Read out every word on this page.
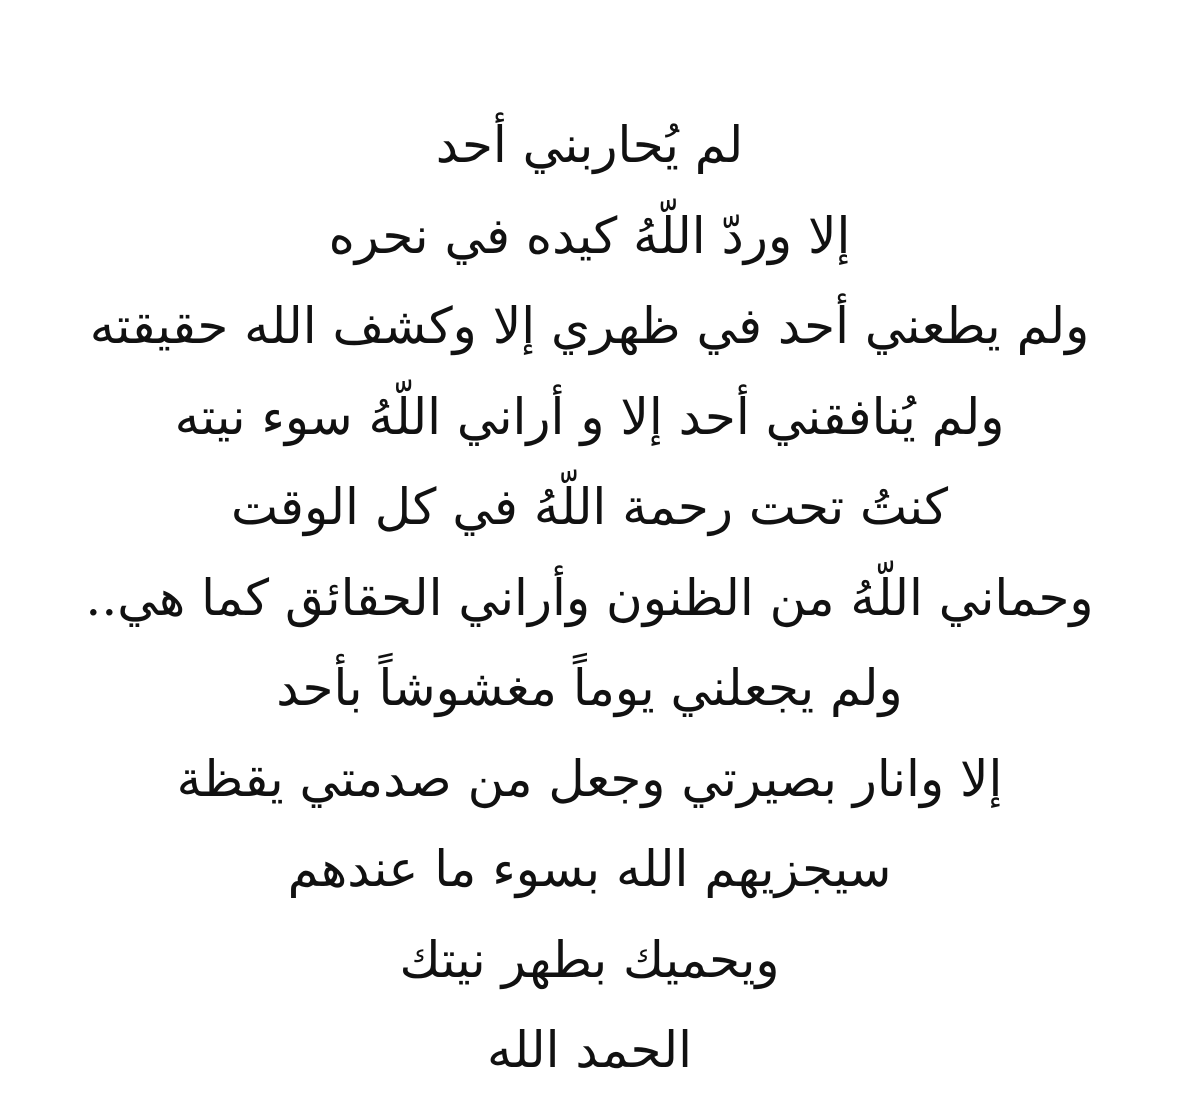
لم يُحاربني أحد
إلا وردّ اللّهُ كيده في نحره
ولم يطعني أحد في ظهري إلا وكشف الله حقيقته
ولم يُنافقني أحد إلا و أراني اللّهُ سوء نيته
كنتُ تحت رحمة اللّهُ في كل الوقت
وحماني اللّهُ من الظنون وأراني الحقائق كما هي..
ولم يجعلني يوماً مغشوشاً بأحد
إلا وانار بصيرتي وجعل من صدمتي يقظة
سيجزيهم الله بسوء ما عندهم
ويحميك بطهر نيتك
الحمد الله
